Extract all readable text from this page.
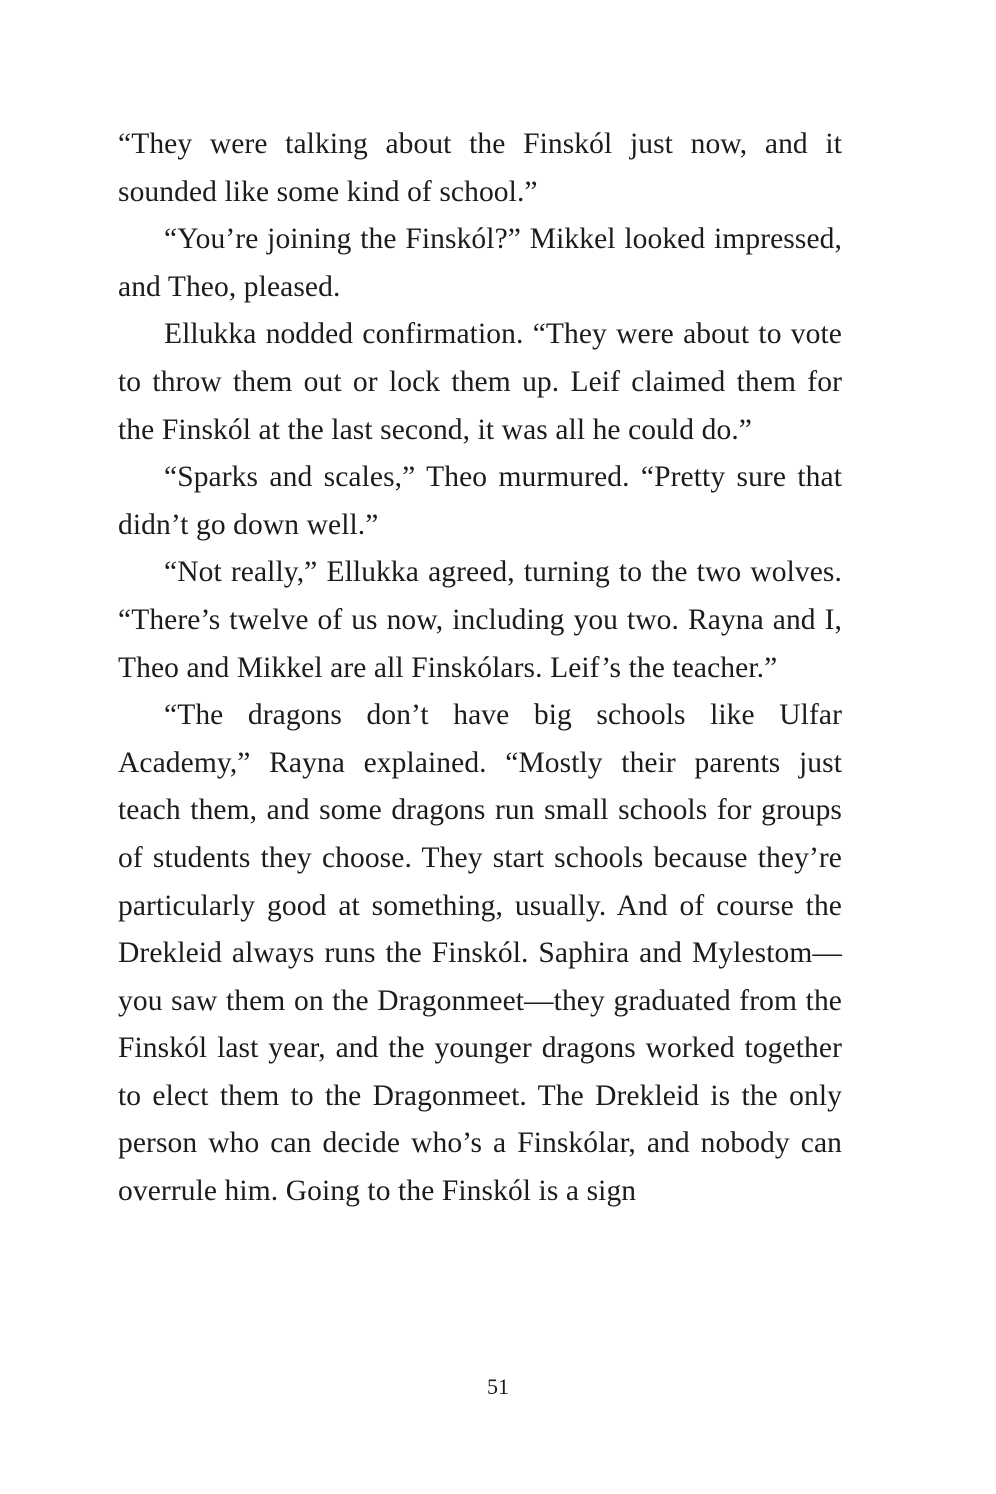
“They were talking about the Finskól just now, and it sounded like some kind of school.”

“You’re joining the Finskól?” Mikkel looked impressed, and Theo, pleased.

Ellukka nodded confirmation. “They were about to vote to throw them out or lock them up. Leif claimed them for the Finskól at the last second, it was all he could do.”

“Sparks and scales,” Theo murmured. “Pretty sure that didn’t go down well.”

“Not really,” Ellukka agreed, turning to the two wolves. “There’s twelve of us now, including you two. Rayna and I, Theo and Mikkel are all Finskólars. Leif’s the teacher.”

“The dragons don’t have big schools like Ulfar Academy,” Rayna explained. “Mostly their parents just teach them, and some dragons run small schools for groups of students they choose. They start schools because they’re particularly good at something, usually. And of course the Drekleid always runs the Finskól. Saphira and Mylestom—you saw them on the Dragonmeet—they graduated from the Finskól last year, and the younger dragons worked together to elect them to the Dragonmeet. The Drekleid is the only person who can decide who’s a Finskólar, and nobody can overrule him. Going to the Finskól is a sign

51
